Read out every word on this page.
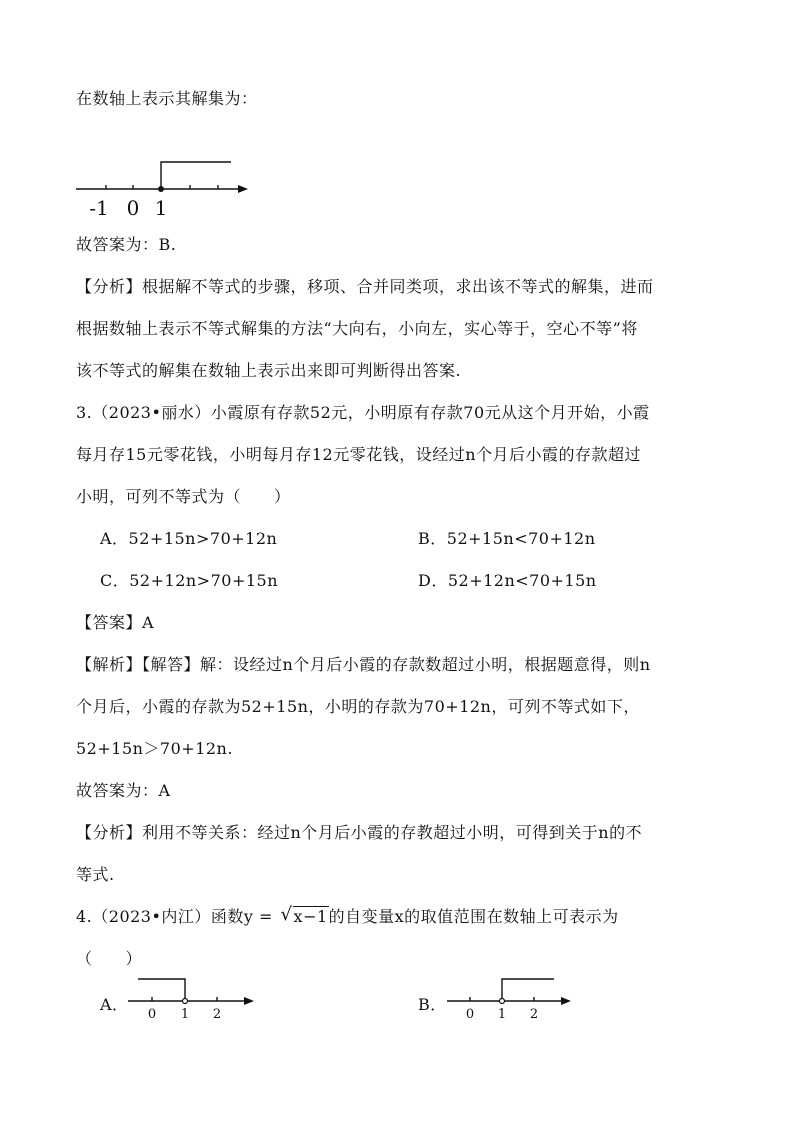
在数轴上表示其解集为：
-1 0 1
故答案为：B.
【分析】根据解不等式的步骤，移项、合并同类项，求出该不等式的解集，进而
根据数轴上表示不等式解集的方法“大向右，小向左，实心等于，空心不等”将
该不等式的解集在数轴上表示出来即可判断得出答案.
3.（2023•丽水）小霞原有存款52元，小明原有存款70元从这个月开始，小霞
每月存15元零花钱，小明每月存12元零花钱，设经过n个月后小霞的存款超过
小明，可列不等式为（　　）
A．52+15n>70+12n	B．52+15n<70+12n
C．52+12n>70+15n	D．52+12n<70+15n
【答案】A
【解析】【解答】解：设经过n个月后小霞的存款数超过小明，根据题意得，则n
个月后，小霞的存款为52+15n，小明的存款为70+12n，可列不等式如下，
52+15n＞70+12n.
故答案为：A
【分析】利用不等关系：经过n个月后小霞的存教超过小明，可得到关于n的不
等式.
4.（2023•内江）函数y = √ x−1的自变量x的取值范围在数轴上可表示为
（　　）
A．
0 1 2
B．
0 1 2
